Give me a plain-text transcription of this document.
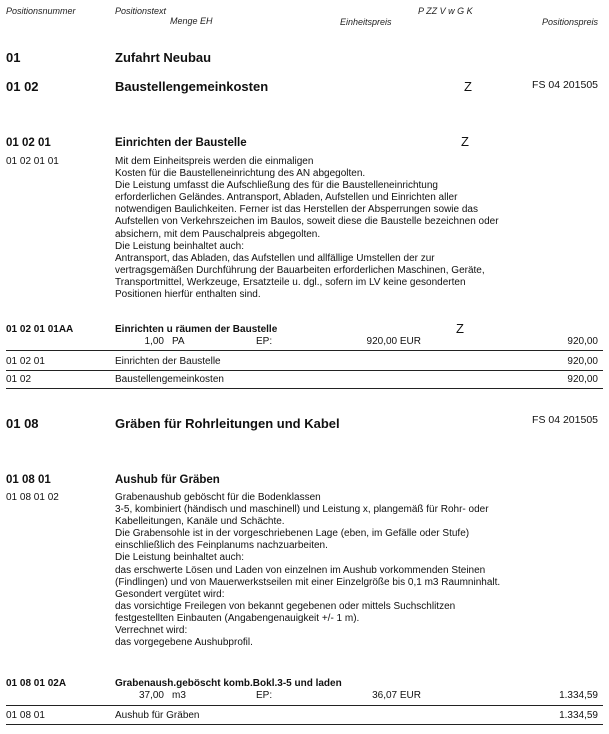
Positionsnummer	Positionstext
Menge EH	Einheitspreis
P ZZ V w G K
Positionspreis
01	Zufahrt Neubau
01 02	Baustellengemeinkosten	Z	FS 04 201505
01 02 01	Einrichten der Baustelle	Z
01 02 01 01	Mit dem Einheitspreis werden die einmaligen
Kosten für die Baustelleneinrichtung des AN abgegolten.
Die Leistung umfasst die Aufschließung des für die Baustelleneinrichtung
erforderlichen Geländes. Antransport, Abladen, Aufstellen und Einrichten aller
notwendigen Baulichkeiten. Ferner ist das Herstellen der Absperrungen sowie das
Aufstellen von Verkehrszeichen im Baulos, soweit diese die Baustelle bezeichnen oder
absichern, mit dem Pauschalpreis abgegolten.
Die Leistung beinhaltet auch:
Antransport, das Abladen, das Aufstellen und allfällige Umstellen der zur
vertragsgemäßen Durchführung der Bauarbeiten erforderlichen Maschinen, Geräte,
Transportmittel, Werkzeuge, Ersatzteile u. dgl., sofern im LV keine gesonderten
Positionen hierfür enthalten sind.
01 02 01 01AA	Einrichten u räumen der Baustelle	Z
1,00 PA	EP:	920,00 EUR	920,00
01 02 01	Einrichten der Baustelle	920,00
01 02	Baustellengemeinkosten	920,00
01 08	Gräben für Rohrleitungen und Kabel	FS 04 201505
01 08 01	Aushub für Gräben
01 08 01 02	Grabenaushub geböscht für die Bodenklassen
3-5, kombiniert (händisch und maschinell) und Leistung x, plangemäß für Rohr- oder
Kabelleitungen, Kanäle und Schächte.
Die Grabensohle ist in der vorgeschriebenen Lage (eben, im Gefälle oder Stufe)
einschließlich des Feinplanums nachzuarbeiten.
Die Leistung beinhaltet auch:
das erschwerte Lösen und Laden von einzelnen im Aushub vorkommenden Steinen
(Findlingen) und von Mauerwerkstseilen mit einer Einzelgröße bis 0,1 m3 Raumninhalt.
Gesondert vergütet wird:
das vorsichtige Freilegen von bekannt gegebenen oder mittels Suchschlitzen
festgestellten Einbauten (Angabengenauigkeit +/- 1 m).
Verrechnet wird:
das vorgegebene Aushubprofil.
01 08 01 02A	Grabenaush.geböscht komb.Bokl.3-5 und laden
37,00 m3	EP:	36,07 EUR	1.334,59
01 08 01	Aushub für Gräben	1.334,59
